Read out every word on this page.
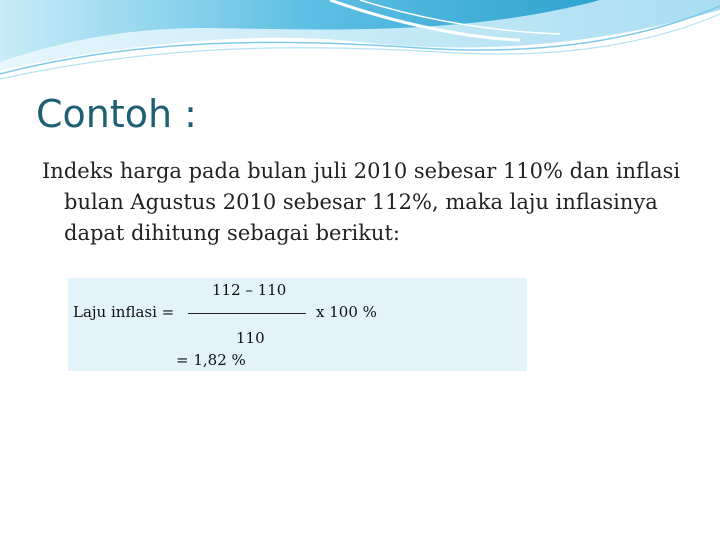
Contoh :
Indeks harga pada bulan juli 2010 sebesar 110% dan inflasi bulan Agustus 2010 sebesar 112%, maka laju inflasinya dapat dihitung sebagai berikut:
Laju inflasi =
112 – 110
x 100 %
110
= 1,82 %
